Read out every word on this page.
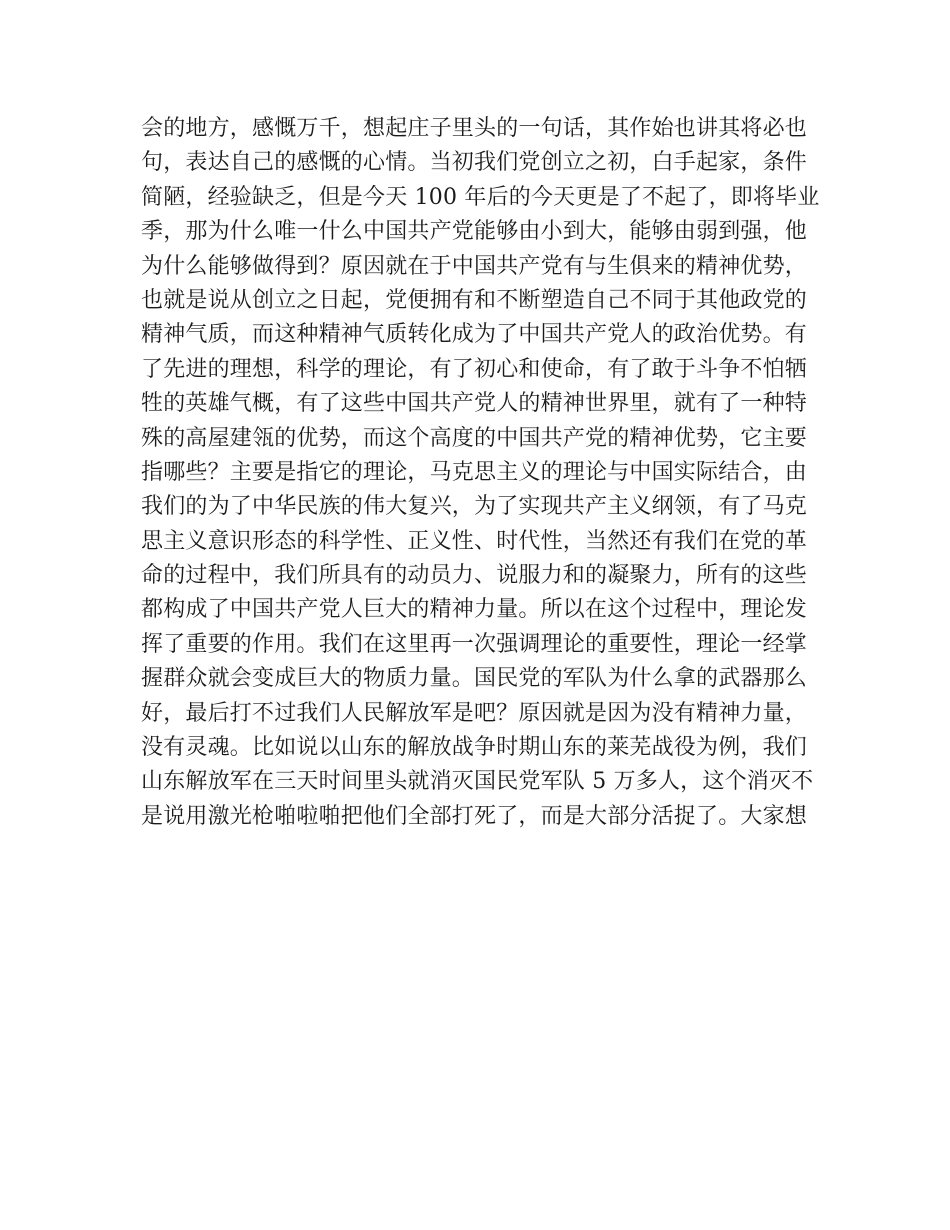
会的地方，感慨万千，想起庄子里头的一句话，其作始也讲其将必也
句，表达自己的感慨的心情。当初我们党创立之初，白手起家，条件
简陋，经验缺乏，但是今天 100 年后的今天更是了不起了，即将毕业
季，那为什么唯一什么中国共产党能够由小到大，能够由弱到强，他
为什么能够做得到？原因就在于中国共产党有与生俱来的精神优势，
也就是说从创立之日起，党便拥有和不断塑造自己不同于其他政党的
精神气质，而这种精神气质转化成为了中国共产党人的政治优势。有
了先进的理想，科学的理论，有了初心和使命，有了敢于斗争不怕牺
牲的英雄气概，有了这些中国共产党人的精神世界里，就有了一种特
殊的高屋建瓴的优势，而这个高度的中国共产党的精神优势，它主要
指哪些？主要是指它的理论，马克思主义的理论与中国实际结合，由
我们的为了中华民族的伟大复兴，为了实现共产主义纲领，有了马克
思主义意识形态的科学性、正义性、时代性，当然还有我们在党的革
命的过程中，我们所具有的动员力、说服力和的凝聚力，所有的这些
都构成了中国共产党人巨大的精神力量。所以在这个过程中，理论发
挥了重要的作用。我们在这里再一次强调理论的重要性，理论一经掌
握群众就会变成巨大的物质力量。国民党的军队为什么拿的武器那么
好，最后打不过我们人民解放军是吧？原因就是因为没有精神力量，
没有灵魂。比如说以山东的解放战争时期山东的莱芜战役为例，我们
山东解放军在三天时间里头就消灭国民党军队 5 万多人，这个消灭不
是说用激光枪啪啦啪把他们全部打死了，而是大部分活捉了。大家想
